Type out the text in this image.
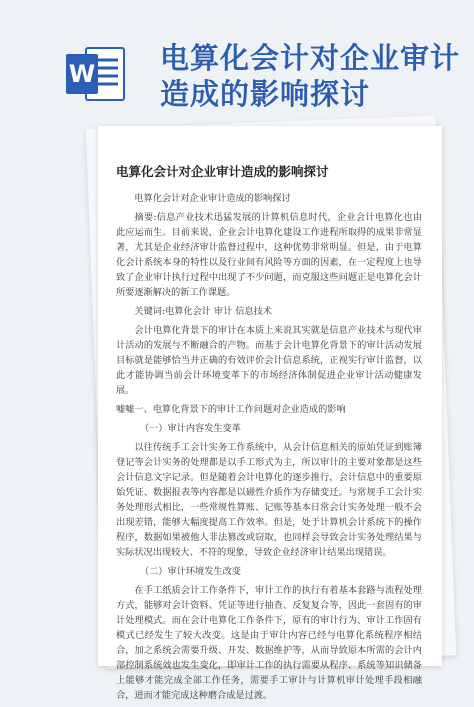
W 电算化会计对企业审计
造成的影响探讨
电算化会计对企业审计造成的影响探讨

电算化会计对企业审计造成的影响探讨

摘要:信息产业技术迅猛发展的计算机信息时代，企业会计电算化也由此应运而生。目前来说，企业会计电算化建设工作进程所取得的成果非常显著，尤其是企业经济审计监督过程中，这种优势非常明显。但是，由于电算化会计系统本身的特性以及行业间有风险等方面的因素，在一定程度上也导致了企业审计执行过程中出现了不少问题，而克服这些问题正是电算化会计所要逐渐解决的新工作课题。

关键词:电算化会计 审计 信息技术

会计电算化背景下的审计在本质上来说其实就是信息产业技术与现代审计活动的发展与不断融合的产物。而基于会计电算化背景下的审计活动发展目标就是能够恰当并正确的有效评价会计信息系统，正视实行审计监督，以此才能协调当前会计环境变革下的市场经济体制促进企业审计活动健康发展。

嘘嘘一、电算化背景下的审计工作问题对企业造成的影响

（一）审计内容发生变革

以往传统手工会计实务工作系统中，从会计信息相关的原始凭证到账簿登记等会计实务的处理都是以手工形式为主，所以审计的主要对象都是这些会计信息文字记录。但是随着会计电算化的逐步推行，会计信息中的重要原始凭证、数据报表等内容都是以磁性介质作为存储变迁。与常规手工会计实务处理形式相比，一些常规性算账、记账等基本日常会计实务处理一般不会出现差错，能够大幅度提高工作效率。但是，处于计算机会计系统下的操作程序，数据如果被他人非法篡改或窃取，也同样会导致会计实务处理结果与实际状况出现较大、不符的现象，导致企业经济审计结果出现错误。

（二）审计环境发生改变

在手工纸质会计工作条件下，审计工作的执行有着基本套路与流程处理方式，能够对会计资料、凭证等进行抽查、反复复合等，因此一套固有的审计处理模式。而在会计电算化工作条件下，原有的审计行为、审计工作固有模式已经发生了较大改变。这是由于审计内容已经与电算化系统程序相结合，加之系统会需要升级、开发、数据维护等，从而导致原本所需的会计内部控制系统效也发生变化，即审计工作的执行需要从程序、系统等知识储备上能够才能完成全部工作任务，需要手工审计与计算机审计处理手段相融合，进而才能完成这种磨合成是过渡。
